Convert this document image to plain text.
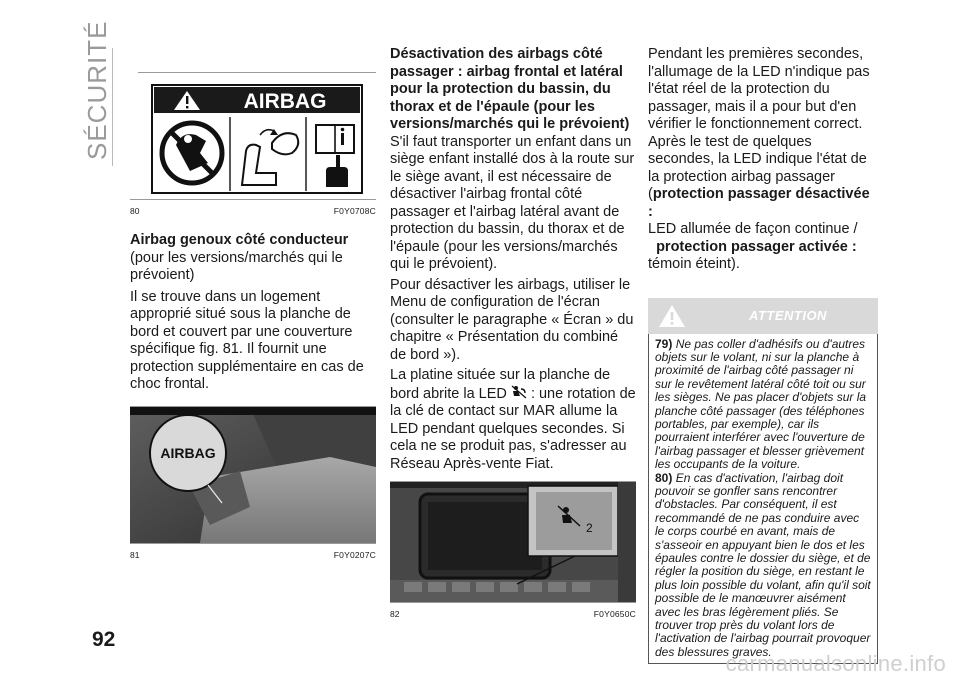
SÉCURITÉ	AIRBAG
80	F0Y0708C
Airbag genoux côté conducteur
(pour les versions/marchés qui le prévoient)
Il se trouve dans un logement approprié situé sous la planche de bord et couvert par une couverture spécifique fig. 81. Il fournit une protection supplémentaire en cas de choc frontal.
AIRBAG
81	F0Y0207C
Désactivation des airbags côté passager : airbag frontal et latéral pour la protection du bassin, du thorax et de l'épaule (pour les versions/marchés qui le prévoient)
S'il faut transporter un enfant dans un siège enfant installé dos à la route sur le siège avant, il est nécessaire de désactiver l'airbag frontal côté passager et l'airbag latéral avant de protection du bassin, du thorax et de l'épaule (pour les versions/marchés qui le prévoient).
Pour désactiver les airbags, utiliser le Menu de configuration de l'écran (consulter le paragraphe « Écran » du chapitre « Présentation du combiné de bord »).
La platine située sur la planche de bord abrite la LED : une rotation de la clé de contact sur MAR allume la LED pendant quelques secondes. Si cela ne se produit pas, s'adresser au Réseau Après-vente Fiat.
2
82	F0Y0650C
Pendant les premières secondes, l'allumage de la LED n'indique pas l'état réel de la protection du passager, mais il a pour but d'en vérifier le fonctionnement correct. Après le test de quelques secondes, la LED indique l'état de la protection airbag passager (protection passager désactivée :
LED allumée de façon continue /
protection passager activée :
témoin éteint).
ATTENTION
79) Ne pas coller d'adhésifs ou d'autres objets sur le volant, ni sur la planche à proximité de l'airbag côté passager ni sur le revêtement latéral côté toit ou sur les sièges. Ne pas placer d'objets sur la planche côté passager (des téléphones portables, par exemple), car ils pourraient interférer avec l'ouverture de l'airbag passager et blesser grièvement les occupants de la voiture.
80) En cas d'activation, l'airbag doit pouvoir se gonfler sans rencontrer d'obstacles. Par conséquent, il est recommandé de ne pas conduire avec le corps courbé en avant, mais de s'asseoir en appuyant bien le dos et les épaules contre le dossier du siège, et de régler la position du siège, en restant le plus loin possible du volant, afin qu'il soit possible de le manœuvrer aisément avec les bras légèrement pliés. Se trouver trop près du volant lors de l'activation de l'airbag pourrait provoquer des blessures graves.
92
carmanualsonline.info
